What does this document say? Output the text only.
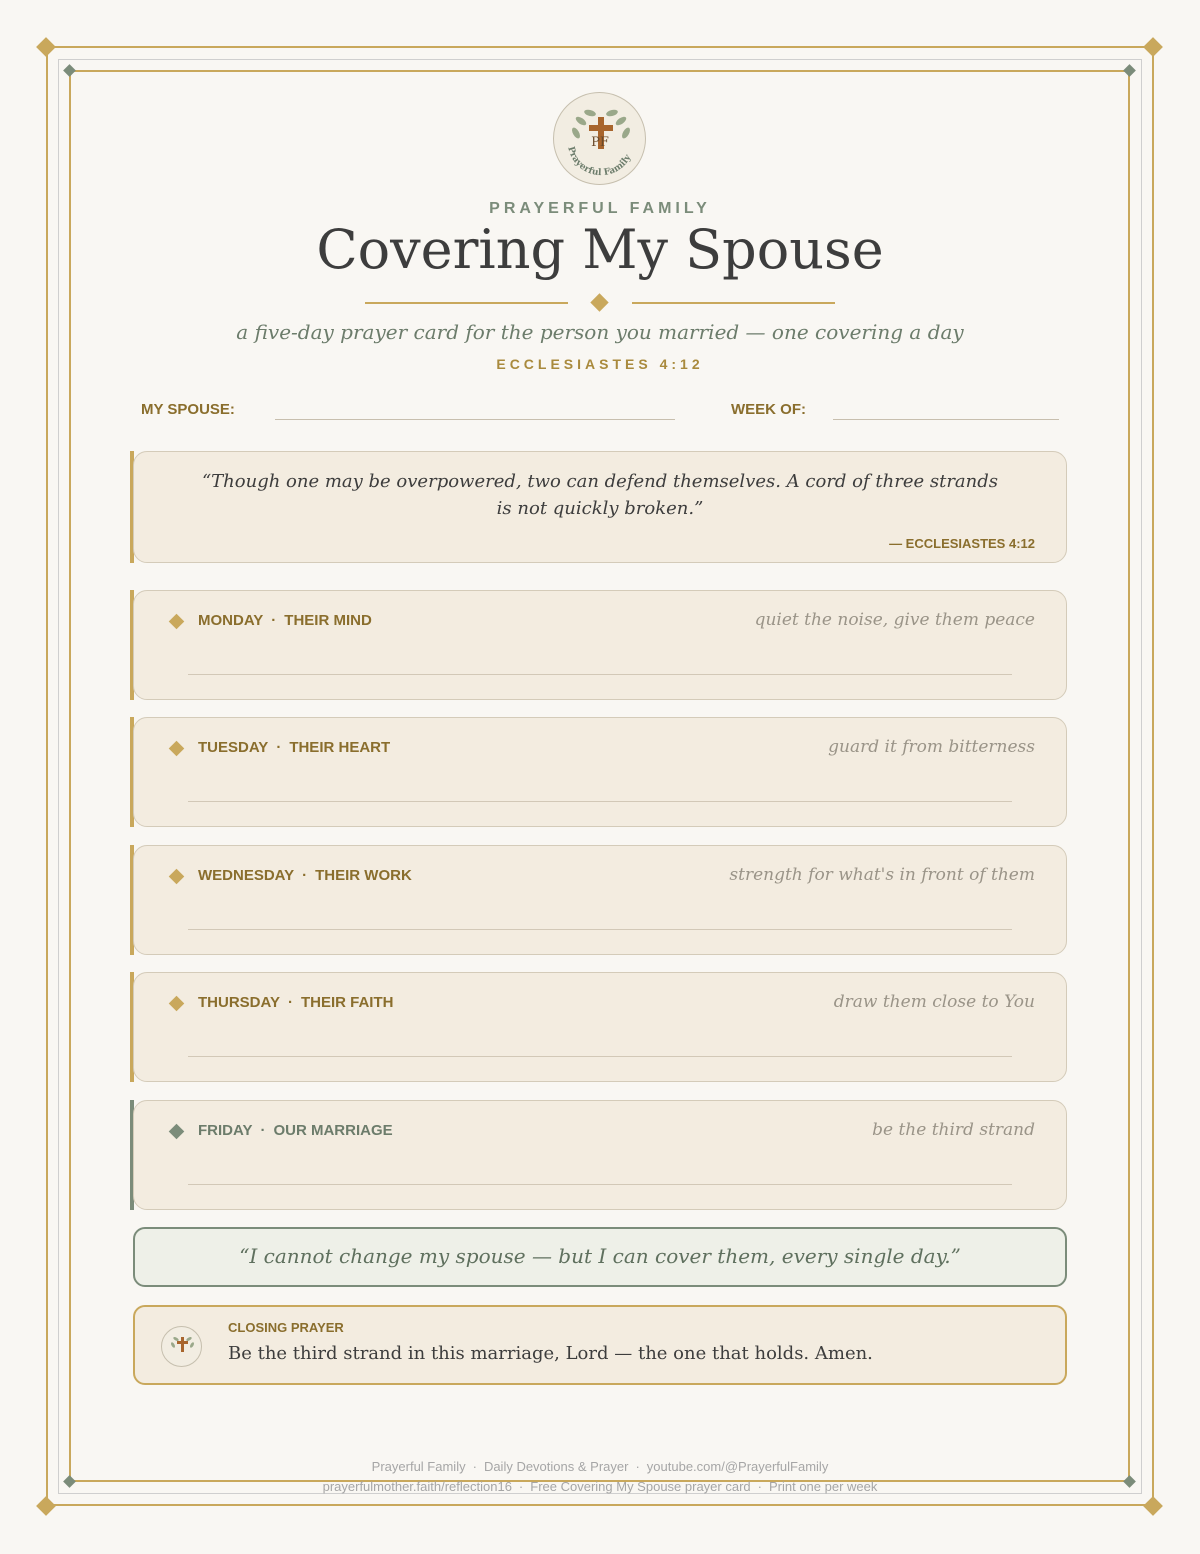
PF
Prayerful Family
PRAYERFUL FAMILY
Covering My Spouse
a five-day prayer card for the person you married — one covering a day
ECCLESIASTES 4:12
MY SPOUSE:	WEEK OF:
“Though one may be overpowered, two can defend themselves. A cord of three strands is not quickly broken.”
— ECCLESIASTES 4:12
MONDAY · THEIR MIND	quiet the noise, give them peace
TUESDAY · THEIR HEART	guard it from bitterness
WEDNESDAY · THEIR WORK	strength for what's in front of them
THURSDAY · THEIR FAITH	draw them close to You
FRIDAY · OUR MARRIAGE	be the third strand
“I cannot change my spouse — but I can cover them, every single day.”
CLOSING PRAYER
Be the third strand in this marriage, Lord — the one that holds. Amen.
Prayerful Family · Daily Devotions & Prayer · youtube.com/@PrayerfulFamily
prayerfulmother.faith/reflection16 · Free Covering My Spouse prayer card · Print one per week
